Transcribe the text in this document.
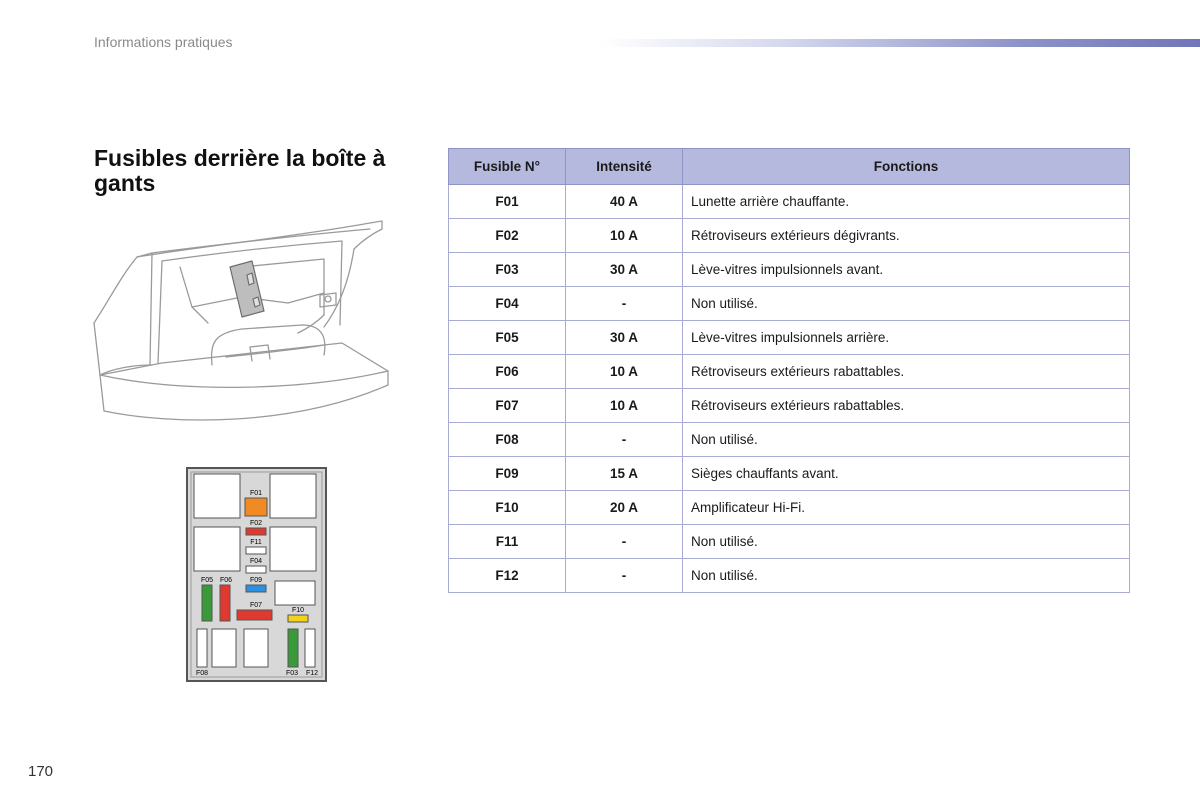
Informations pratiques
Fusibles derrière la boîte à gants
F01
F02
F11
F04
F05 F06	F09
F07
F10
F08	F03 F12
Fusible N°	Intensité	Fonctions
F01	40 A	Lunette arrière chauffante.
F02	10 A	Rétroviseurs extérieurs dégivrants.
F03	30 A	Lève-vitres impulsionnels avant.
F04	-	Non utilisé.
F05	30 A	Lève-vitres impulsionnels arrière.
F06	10 A	Rétroviseurs extérieurs rabattables.
F07	10 A	Rétroviseurs extérieurs rabattables.
F08	-	Non utilisé.
F09	15 A	Sièges chauffants avant.
F10	20 A	Amplificateur Hi-Fi.
F11	-	Non utilisé.
F12	-	Non utilisé.
170
